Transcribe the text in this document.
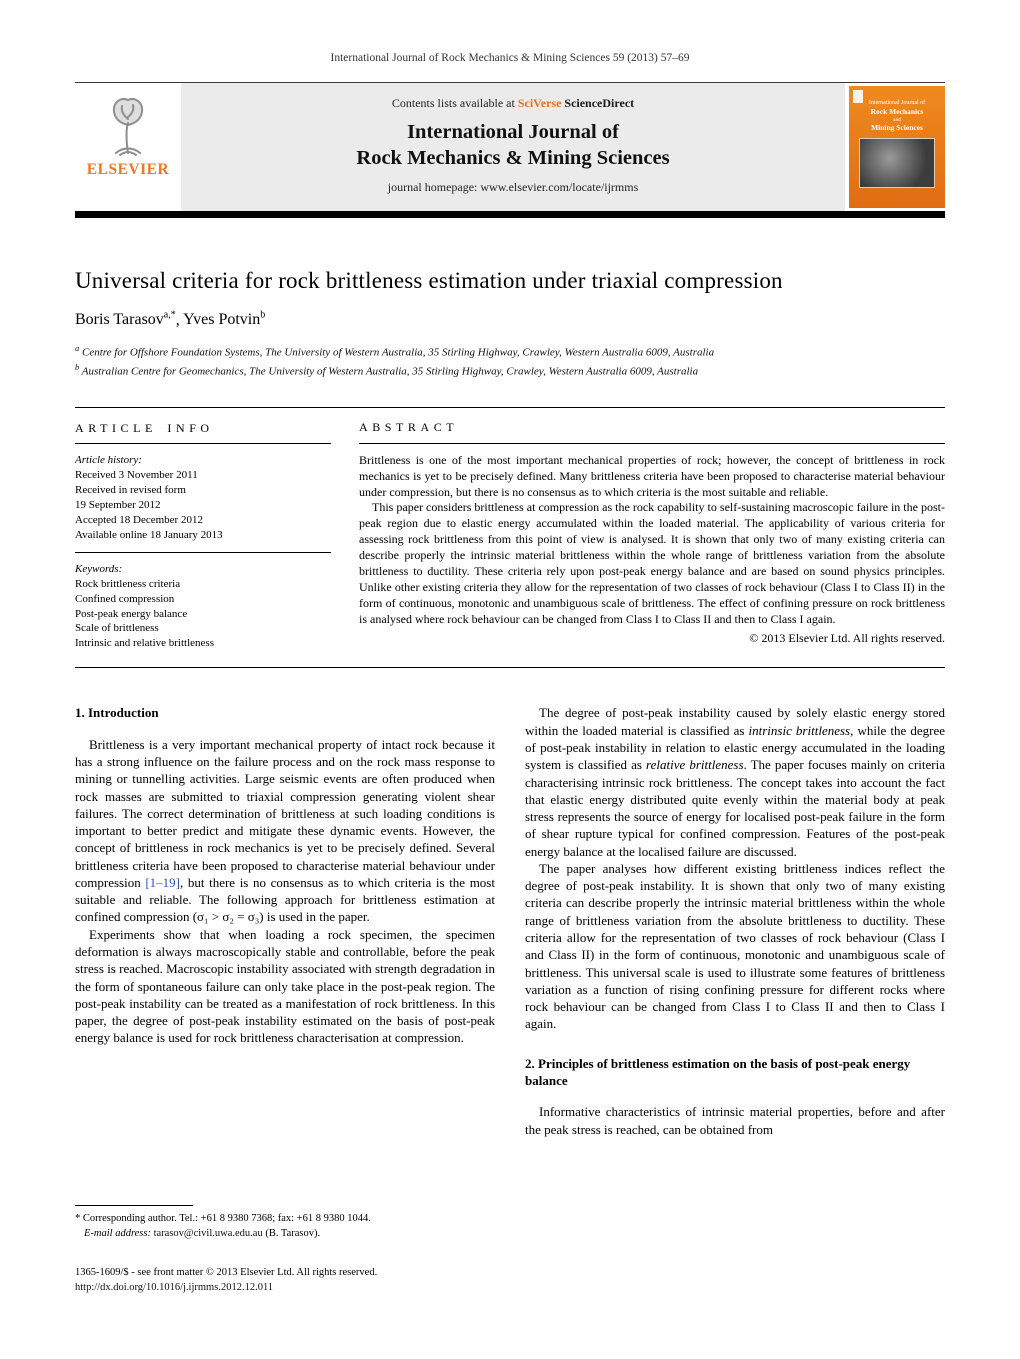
International Journal of Rock Mechanics & Mining Sciences 59 (2013) 57–69
ELSEVIER
Contents lists available at SciVerse ScienceDirect
International Journal of
Rock Mechanics & Mining Sciences
journal homepage: www.elsevier.com/locate/ijrmms
International Journal of
Rock Mechanics
and
Mining Sciences
Universal criteria for rock brittleness estimation under triaxial compression
Boris Tarasov$^{a,*}$, Yves Potvin$^b$
$^a$ Centre for Offshore Foundation Systems, The University of Western Australia, 35 Stirling Highway, Crawley, Western Australia 6009, Australia
$^b$ Australian Centre for Geomechanics, The University of Western Australia, 35 Stirling Highway, Crawley, Western Australia 6009, Australia
ARTICLE INFO
Article history:
Received 3 November 2011
Received in revised form
19 September 2012
Accepted 18 December 2012
Available online 18 January 2013
Keywords:
Rock brittleness criteria
Confined compression
Post-peak energy balance
Scale of brittleness
Intrinsic and relative brittleness
ABSTRACT

Brittleness is one of the most important mechanical properties of rock; however, the concept of brittleness in rock mechanics is yet to be precisely defined. Many brittleness criteria have been proposed to characterise material behaviour under compression, but there is no consensus as to which criteria is the most suitable and reliable.

This paper considers brittleness at compression as the rock capability to self-sustaining macroscopic failure in the post-peak region due to elastic energy accumulated within the loaded material. The applicability of various criteria for assessing rock brittleness from this point of view is analysed. It is shown that only two of many existing criteria can describe properly the intrinsic material brittleness within the whole range of brittleness variation from the absolute brittleness to ductility. These criteria rely upon post-peak energy balance and are based on sound physics principles. Unlike other existing criteria they allow for the representation of two classes of rock behaviour (Class I to Class II) in the form of continuous, monotonic and unambiguous scale of brittleness. The effect of confining pressure on rock brittleness is analysed where rock behaviour can be changed from Class I to Class II and then to Class I again.

© 2013 Elsevier Ltd. All rights reserved.
1. Introduction

Brittleness is a very important mechanical property of intact rock because it has a strong influence on the failure process and on the rock mass response to mining or tunnelling activities. Large seismic events are often produced when rock masses are submitted to triaxial compression generating violent shear failures. The correct determination of brittleness at such loading conditions is important to better predict and mitigate these dynamic events. However, the concept of brittleness in rock mechanics is yet to be precisely defined. Several brittleness criteria have been proposed to characterise material behaviour under compression [1–19], but there is no consensus as to which criteria is the most suitable and reliable. The following approach for brittleness estimation at confined compression (σ₁ > σ₂ = σ₃) is used in the paper.

Experiments show that when loading a rock specimen, the specimen deformation is always macroscopically stable and controllable, before the peak stress is reached. Macroscopic instability associated with strength degradation in the form of spontaneous failure can only take place in the post-peak region. The post-peak instability can be treated as a manifestation of rock brittleness. In this paper, the degree of post-peak instability estimated on the basis of post-peak energy balance is used for rock brittleness characterisation at compression.

The degree of post-peak instability caused by solely elastic energy stored within the loaded material is classified as intrinsic brittleness, while the degree of post-peak instability in relation to elastic energy accumulated in the loading system is classified as relative brittleness. The paper focuses mainly on criteria characterising intrinsic rock brittleness. The concept takes into account the fact that elastic energy distributed quite evenly within the material body at peak stress represents the source of energy for localised post-peak failure in the form of shear rupture typical for confined compression. Features of the post-peak energy balance at the localised failure are discussed.

The paper analyses how different existing brittleness indices reflect the degree of post-peak instability. It is shown that only two of many existing criteria can describe properly the intrinsic material brittleness within the whole range of brittleness variation from the absolute brittleness to ductility. These criteria allow for the representation of two classes of rock behaviour (Class I and Class II) in the form of continuous, monotonic and unambiguous scale of brittleness. This universal scale is used to illustrate some features of brittleness variation as a function of rising confining pressure for different rocks where rock behaviour can be changed from Class I to Class II and then to Class I again.

2. Principles of brittleness estimation on the basis of post-peak energy balance

Informative characteristics of intrinsic material properties, before and after the peak stress is reached, can be obtained from

* Corresponding author. Tel.: +61 8 9380 7368; fax: +61 8 9380 1044.
E-mail address: tarasov@civil.uwa.edu.au (B. Tarasov).
1365-1609/$ - see front matter © 2013 Elsevier Ltd. All rights reserved.
http://dx.doi.org/10.1016/j.ijrmms.2012.12.011
